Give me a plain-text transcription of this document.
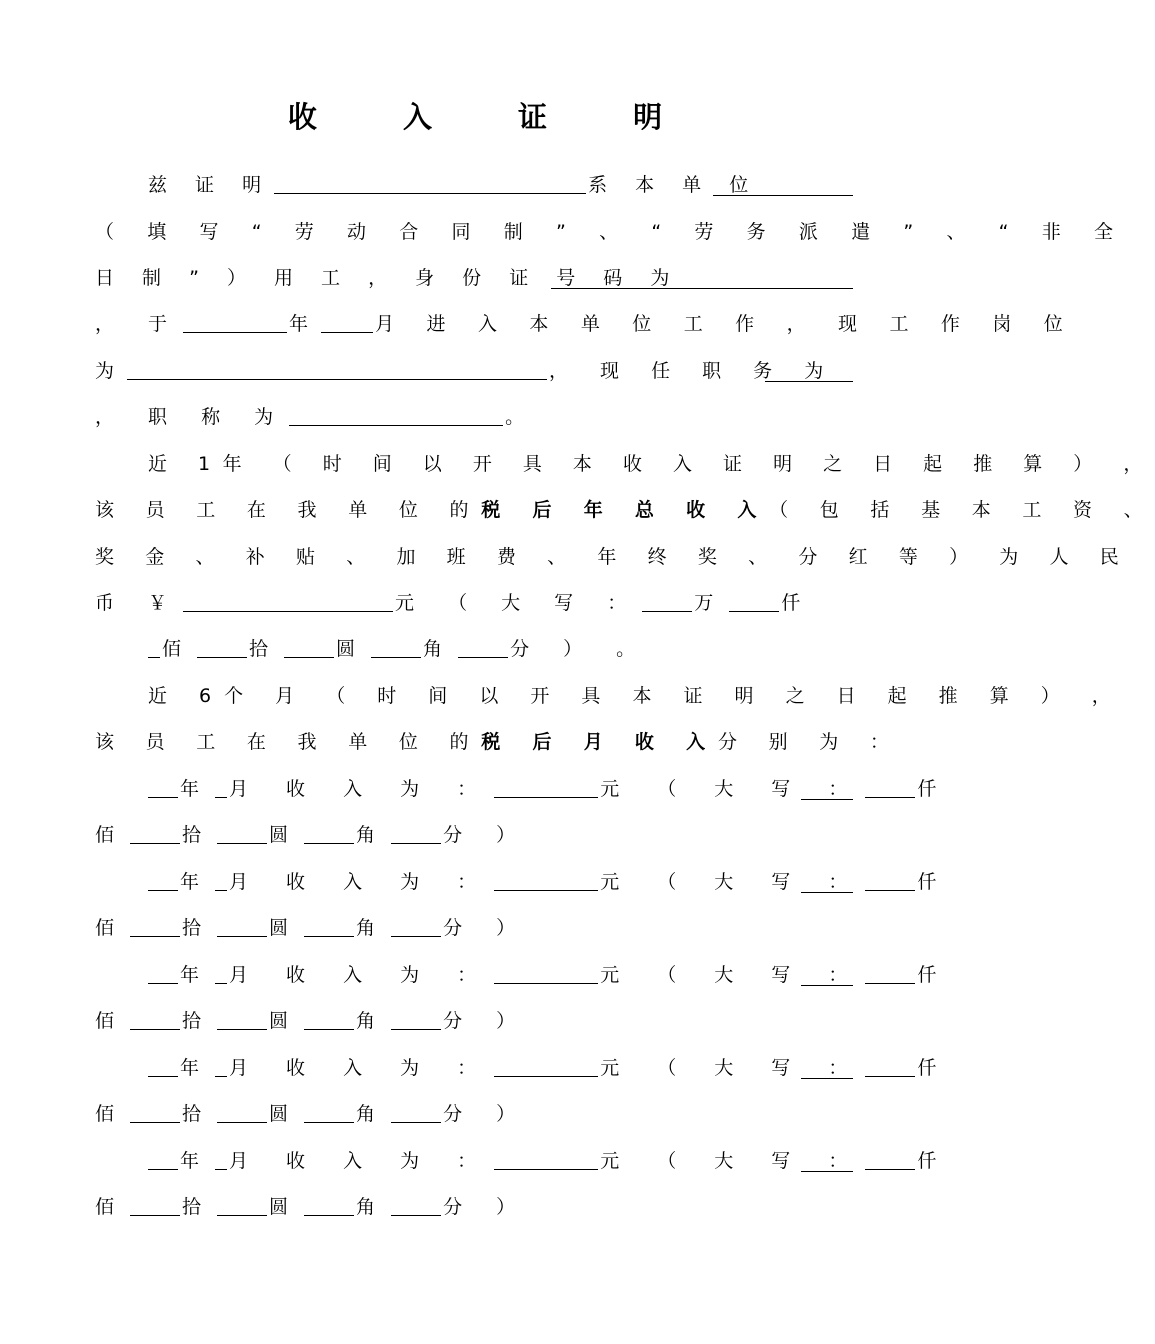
收 入 证 明
兹 证 明	系 本 单 位
（ 填 写 “ 劳 动 合 同 制 ” 、 “ 劳 务 派 遣 ” 、 “ 非 全
日 制 ” ） 用 工 ， 身 份 证 号 码 为
， 于	年	月 进 入 本 单 位 工 作 ， 现 工 作 岗 位
为	， 现 任 职 务 为
， 职 称 为	。
近 1年 （ 时 间 以 开 具 本 收 入 证 明 之 日 起 推 算 ） ，
该 员 工 在 我 单 位 的税 后 年 总 收 入（ 包 括 基 本 工 资 、
奖 金 、 补 贴 、 加 班 费 、 年 终 奖 、 分 红 等 ） 为 人 民
币 ￥	元 （ 大 写 ：	万	仟
佰	拾	圆	角	分 ） 。
近 6个 月 （ 时 间 以 开 具 本 证 明 之 日 起 推 算 ） ，
该 员 工 在 我 单 位 的税 后 月 收 入分 别 为 ：
年 月 收 入 为 ：	元 （ 大 写 ：	仟
佰	拾	圆	角	分 ）
年 月 收 入 为 ：	元 （ 大 写 ：	仟
佰	拾	圆	角	分 ）
年 月 收 入 为 ：	元 （ 大 写 ：	仟
佰	拾	圆	角	分 ）
年 月 收 入 为 ：	元 （ 大 写 ：	仟
佰	拾	圆	角	分 ）
年 月 收 入 为 ：	元 （ 大 写 ：	仟
佰	拾	圆	角	分 ）
